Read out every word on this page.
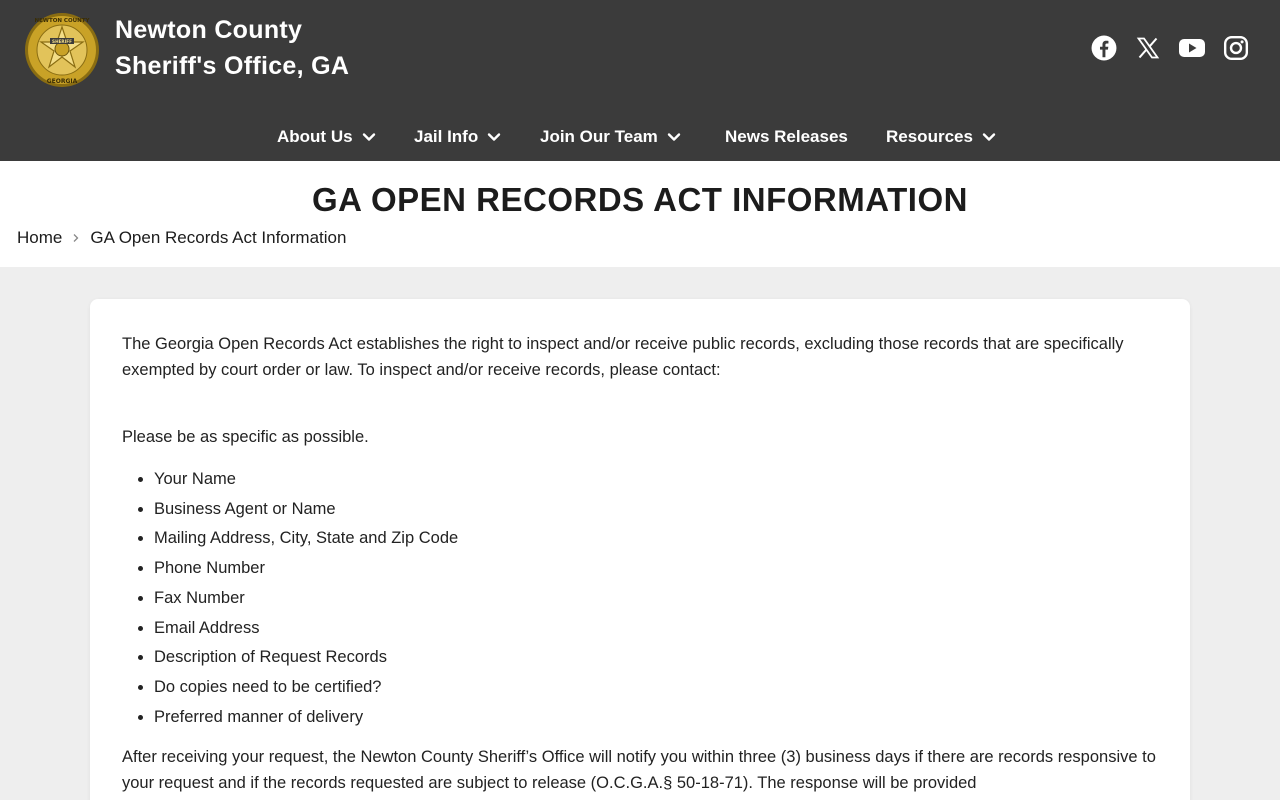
SHERIFF
NEWTON COUNTY
GEORGIA
Newton County
Sheriff's Office, GA
About Us	Jail Info	Join Our Team	News Releases Resources
GA OPEN RECORDS ACT INFORMATION
Home GA Open Records Act Information

The Georgia Open Records Act establishes the right to inspect and/or receive public records, excluding those records that are specifically exempted by court order or law. To inspect and/or receive records, please contact:

Please be as specific as possible.

• Your Name
• Business Agent or Name
• Mailing Address, City, State and Zip Code
• Phone Number
• Fax Number
• Email Address
• Description of Request Records
• Do copies need to be certified?
• Preferred manner of delivery

After receiving your request, the Newton County Sheriff’s Office will notify you within three (3) business days if there are records responsive to your request and if the records requested are subject to release (O.C.G.A.§ 50-18-71). The response will be provided
